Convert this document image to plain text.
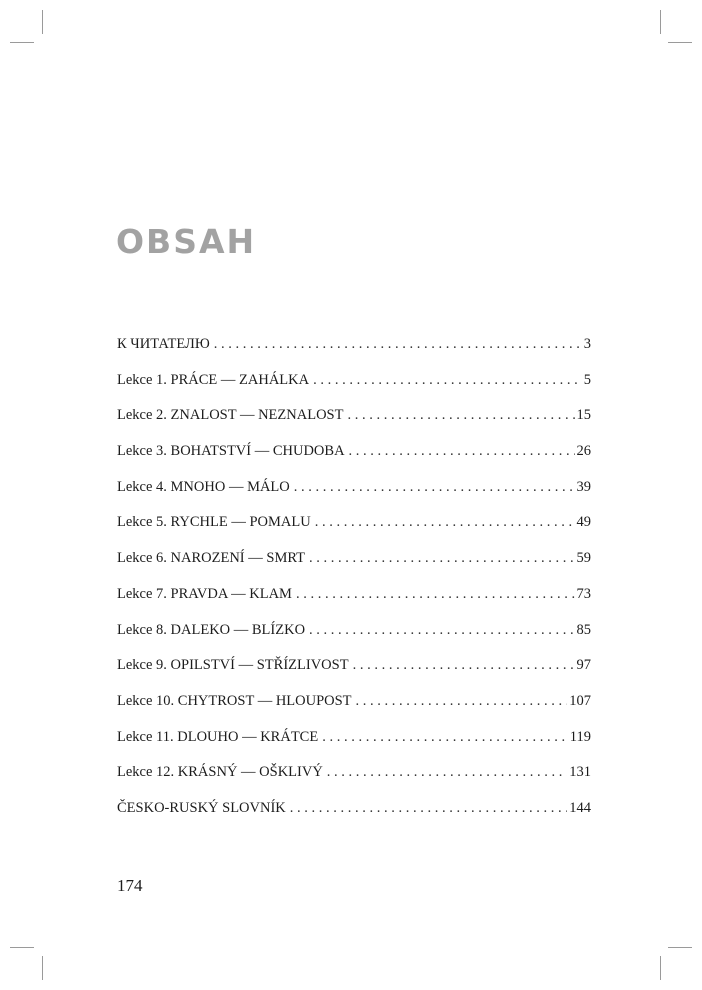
OBSAH
К ЧИТАТЕЛЮ . . .	3
Lekce 1. PRÁCE — ZAHÁLKA . . .	5
Lekce 2. ZNALOST — NEZNALOST . . .	15
Lekce 3. BOHATSTVÍ — CHUDOBA . . .	26
Lekce 4. MNOHO — MÁLO . . .	39
Lekce 5. RYCHLE — POMALU . . .	49
Lekce 6. NAROZENÍ — SMRT . . .	59
Lekce 7. PRAVDA — KLAM . . .	73
Lekce 8. DALEKO — BLÍZKO . . .	85
Lekce 9. OPILSTVÍ — STŘÍZLIVOST . . .	97
Lekce 10. CHYTROST — HLOUPOST . . .	107
Lekce 11. DLOUHO — KRÁTCE . . .	119
Lekce 12. KRÁSNÝ — OŠKLIVÝ . . .	131
ČESKO-RUSKÝ SLOVNÍK . . .	144
174
